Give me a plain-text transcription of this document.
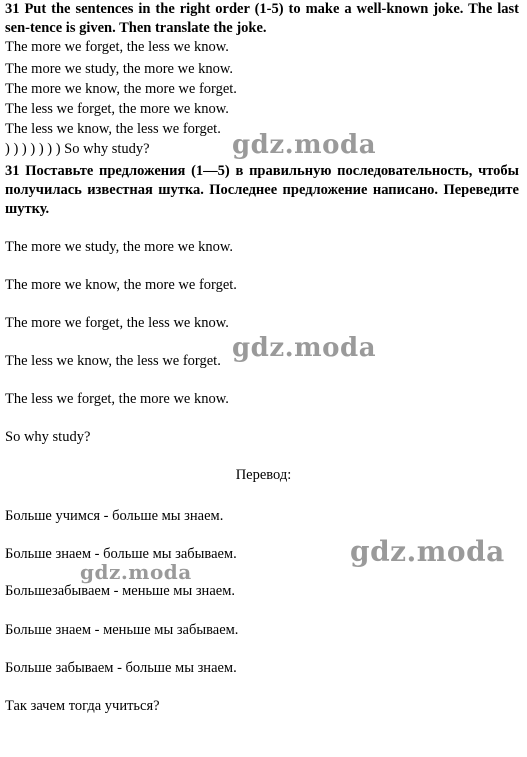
31 Put the sentences in the right order (1-5) to make a well-known joke. The last sen-tence is given. Then translate the joke.
The more we forget, the less we know.
The more we study, the more we know.
The more we know, the more we forget.
The less we forget, the more we know.
The less we know, the less we forget.
) ) ) ) ) ) ) So why study?
31 Поставьте предложения (1—5) в правильную последовательность, чтобы получилась известная шутка. Последнее предложение написано. Переведите шутку.
The more we study, the more we know.
The more we know, the more we forget.
The more we forget, the less we know.
The less we know, the less we forget.
The less we forget, the more we know.
So why study?
Перевод:
Больше учимся - больше мы знаем.
Больше знаем - больше мы забываем.
Большезабываем - меньше мы знаем.
Больше знаем - меньше мы забываем.
Больше забываем - больше мы знаем.
Так зачем тогда учиться?
gdz.moda
gdz.moda
gdz.moda
gdz.moda
